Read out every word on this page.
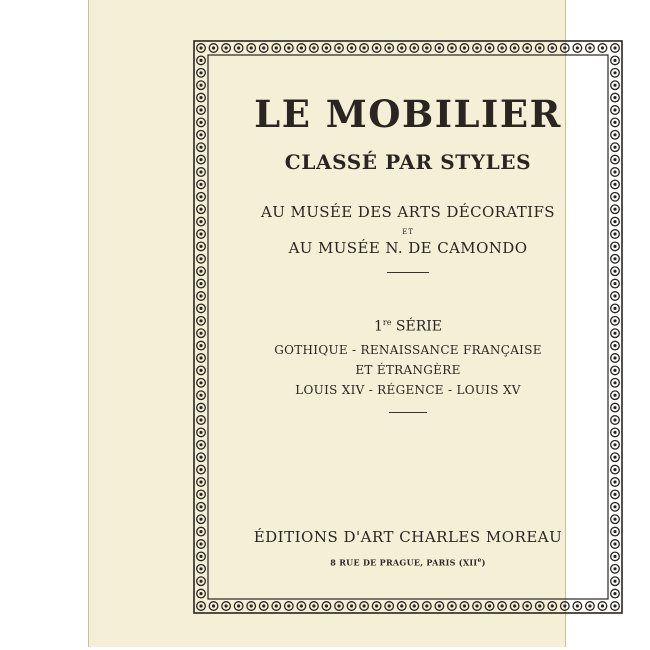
LE MOBILIER
CLASSÉ PAR STYLES
AU MUSÉE DES ARTS DÉCORATIFS
ET
AU MUSÉE N. DE CAMONDO
1re SÉRIE
GOTHIQUE - RENAISSANCE FRANÇAISE
ET ÉTRANGÈRE
LOUIS XIV - RÉGENCE - LOUIS XV
ÉDITIONS D'ART CHARLES MOREAU
8 RUE DE PRAGUE, PARIS (XIIe)
